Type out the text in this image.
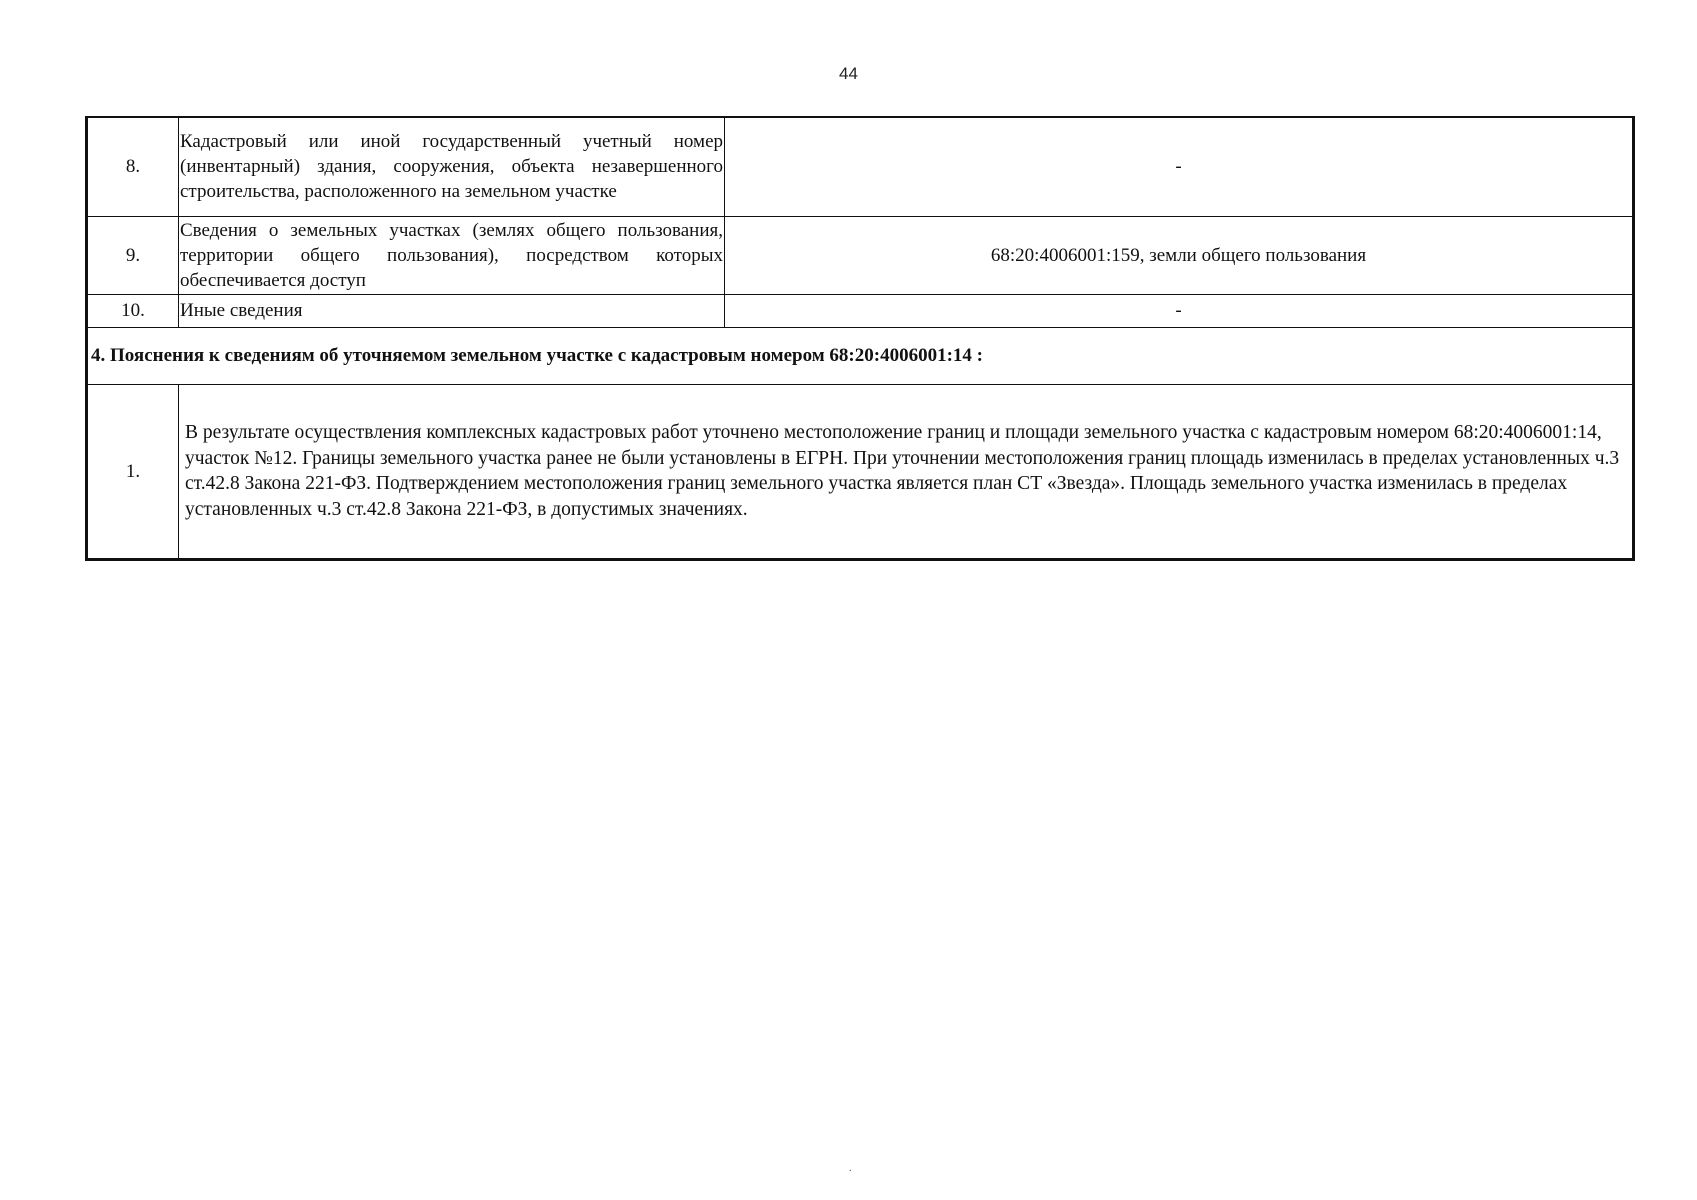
44
8.	Кадастровый или иной государственный учетный номер (инвентарный) здания, сооружения, объекта незавершенного строительства, расположенного на земельном участке	-
9.	Сведения о земельных участках (землях общего пользования, территории общего пользования), посредством которых обеспечивается доступ	68:20:4006001:159, земли общего пользования
10.	Иные сведения	-
4. Пояснения к сведениям об уточняемом земельном участке с кадастровым номером 68:20:4006001:14 :		
1.	В результате осуществления комплексных кадастровых работ уточнено местоположение границ и площади земельного участка с кадастровым номером 68:20:4006001:14, участок №12. Границы земельного участка ранее не были установлены в ЕГРН. При уточнении местоположения границ площадь изменилась в пределах установленных ч.3 ст.42.8 Закона 221-ФЗ. Подтверждением местоположения границ земельного участка является план СТ «Звезда». Площадь земельного участка изменилась в пределах установленных ч.3 ст.42.8 Закона 221-ФЗ, в допустимых значениях.	
.
